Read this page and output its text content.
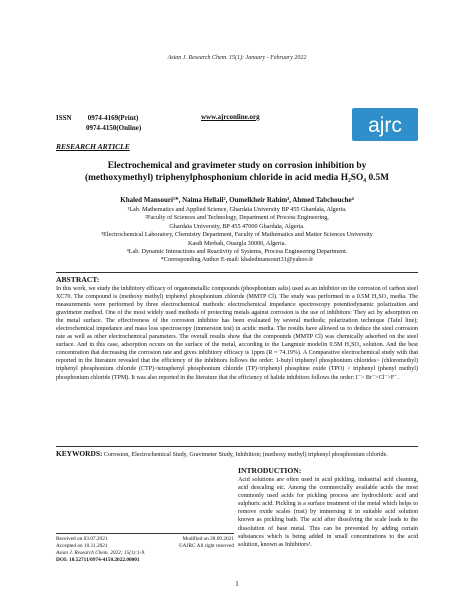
Asian J. Research Chem. 15(1): January - February 2022
ISSN 0974-4169(Print)
0974-4150(Online)
www.ajrconline.org	ajrc
RESEARCH ARTICLE
Electrochemical and gravimeter study on corrosion inhibition by
(methoxymethyl) triphenylphosphonium chloride in acid media H₂SO₄ 0.5M
Khaled Mansouri¹*, Naima Hellali², Oumelkheir Rahim³, Ahmed Tabchouche⁴
¹Lab. Mathematics and Applied Science, Ghardaïa University BP 455 Ghardaïa, Algeria.
²Faculty of Sciences and Technology, Department of Process Engineering,
Ghardaïa University, BP 455 47000 Ghardaïa, Algeria.
³Electrochemical Laboratory, Chemistry Department, Faculty of Mathematics and Matter Sciences University
Kasdi Merbah, Ouargla 30000, Algeria.
⁴Lab. Dynamic Interactions and Reactivity of Systems, Process Engineering Department.
*Corresponding Author E-mail: khaledmansouri31@yahoo.fr
ABSTRACT:
In this work, we study the inhibitory efficacy of organometallic compounds (phosphonium salts) used as an inhibitor on the corrosion of carbon steel XC70. The compound is (methoxy methyl) triphenyl phosphonium chloride (MMTP Cl). The study was performed in a 0.5M H₂SO₄ media. The measurements were performed by three electrochemical methods: electrochemical impedance spectroscopy potentiodynamic polarization and gravimeter method. One of the most widely used methods of protecting metals against corrosion is the use of inhibitors: They act by adsorption on the metal surface. The effectiveness of the corrosion inhibitor has been evaluated by several methods; polarization technique (Tafel line); electrochemical impedance and mass loss spectroscopy (immersion test) in acidic media. The results have allowed us to deduce the steel corrosion rate as well as other electrochemical parameters. The overall results show that the compounds (MMTP Cl) was chemically adsorbed on the steel surface. And in this case, adsorption occurs on the surface of the metal, according to the Langmuir modelin 0.5M H₂SO₄ solution. And the best concentration that decreasing the corrosion rate and gives inhibitory efficacy is 1ppm (R = 74.19%). A Comparative electrochemical study with that reported in the literature revealed that the efficiency of the inhibitors follows the order: 1-butyl triphenyl phosphonium chlorides> (chloromethyl) triphenyl phosphonium chloride (CTP)>tetraphenyl phosphonium chloride (TP)>triphenyl phosphine oxide (TPO) > triphenyl (phenyl methyl) phosphonium chloride (TPM). It was also reported in the literature that the efficiency of halide inhibitors follows the order: I⁻> Br⁻>Cl⁻>F⁻.
KEYWORDS: Corrosion, Electrochemical Study, Gravimeter Study, Inhibition; (methoxy methyl) triphenyl phosphonium chloride.
INTRODUCTION:
Acid solutions are often used in acid pickling, industrial acid cleaning, acid descaling etc. Among the commercially available acids the most commonly used acids for pickling process are hydrochloric acid and sulphuric acid. Pickling is a surface treatment of the metal which helps to remove oxide scales (rust) by immersing it in suitable acid solution known as pickling bath. The acid after dissolving the scale leads to the dissolution of base metal. This can be prevented by adding certain substances which is being added in small concentrations to the acid solution, known as Inhibitors¹.
Received on 03.07.2021	Modified on 28.09.2021
Accepted on 10.11.2021	©AJRC All right reserved
Asian J. Research Chem. 2022; 15(1):1-9.
DOI: 10.52711/0974-4150.2022.00001
1
